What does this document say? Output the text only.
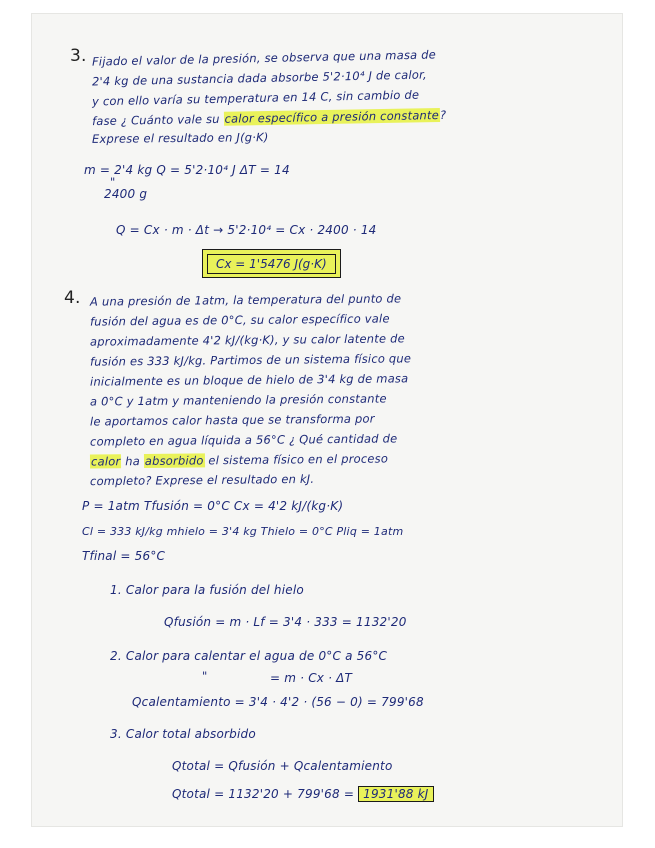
3. Fijado el valor de la presión, se observa que una masa de
2'4 kg de una sustancia dada absorbe 5'2·10⁴ J de calor,
y con ello varía su temperatura en 14 C, sin cambio de
fase ¿ Cuánto vale su calor específico a presión constante?
Exprese el resultado en J(g·K)
m = 2'4 kg Q = 5'2·10⁴ J ΔT = 14
"
2400 g
Q = Cx · m · Δt → 5'2·10⁴ = Cx · 2400 · 14
Cx = 1'5476 J(g·K)
4. A una presión de 1atm, la temperatura del punto de
fusión del agua es de 0°C, su calor específico vale
aproximadamente 4'2 kJ/(kg·K), y su calor latente de
fusión es 333 kJ/kg. Partimos de un sistema físico que
inicialmente es un bloque de hielo de 3'4 kg de masa
a 0°C y 1atm y manteniendo la presión constante
le aportamos calor hasta que se transforma por
completo en agua líquida a 56°C ¿ Qué cantidad de
calor ha absorbido el sistema físico en el proceso
completo? Exprese el resultado en kJ.
P = 1atm Tfusión = 0°C Cx = 4'2 kJ/(kg·K)
Cl = 333 kJ/kg mhielo = 3'4 kg Thielo = 0°C Pliq = 1atm
Tfinal = 56°C
1. Calor para la fusión del hielo
Qfusión = m · Lf = 3'4 · 333 = 1132'20
2. Calor para calentar el agua de 0°C a 56°C
"	= m · Cx · ΔT
Qcalentamiento = 3'4 · 4'2 · (56 − 0) = 799'68
3. Calor total absorbido
Qtotal = Qfusión + Qcalentamiento
Qtotal = 1132'20 + 799'68 = 1931'88 kJ
